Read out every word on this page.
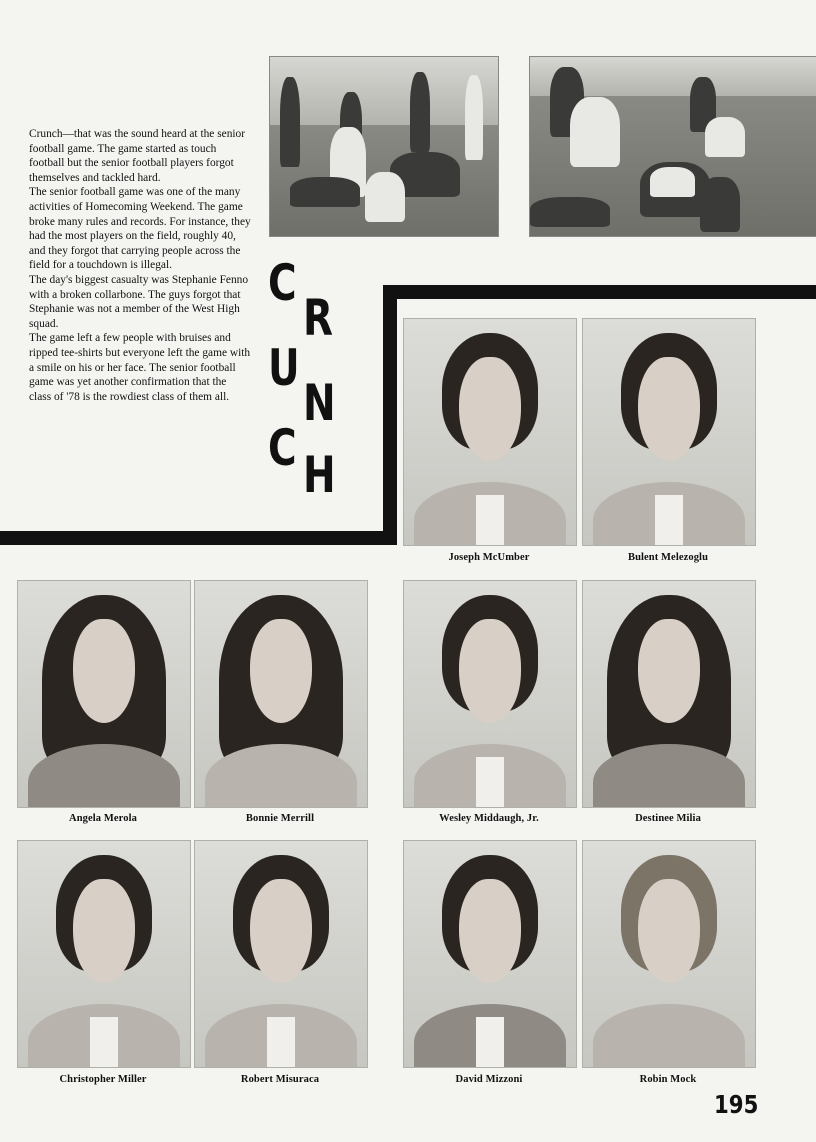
Crunch—that was the sound heard at the senior football game. The game started as touch football but the senior football players forgot themselves and tackled hard.

The senior football game was one of the many activities of Homecoming Weekend. The game broke many rules and records. For instance, they had the most players on the field, roughly 40, and they forgot that carrying people across the field for a touchdown is illegal.

The day's biggest casualty was Stephanie Fenno with a broken collarbone. The guys forgot that Stephanie was not a member of the West High squad.

The game left a few people with bruises and ripped tee-shirts but everyone left the game with a smile on his or her face. The senior football game was yet another confirmation that the class of '78 is the rowdiest class of them all.

C
R
U
N
C H
Joseph McUmber	Bulent Melezoglu
Angela Merola	Bonnie Merrill	Wesley Middaugh, Jr.	Destinee Milia
Christopher Miller	Robert Misuraca	David Mizzoni	Robin Mock
195
